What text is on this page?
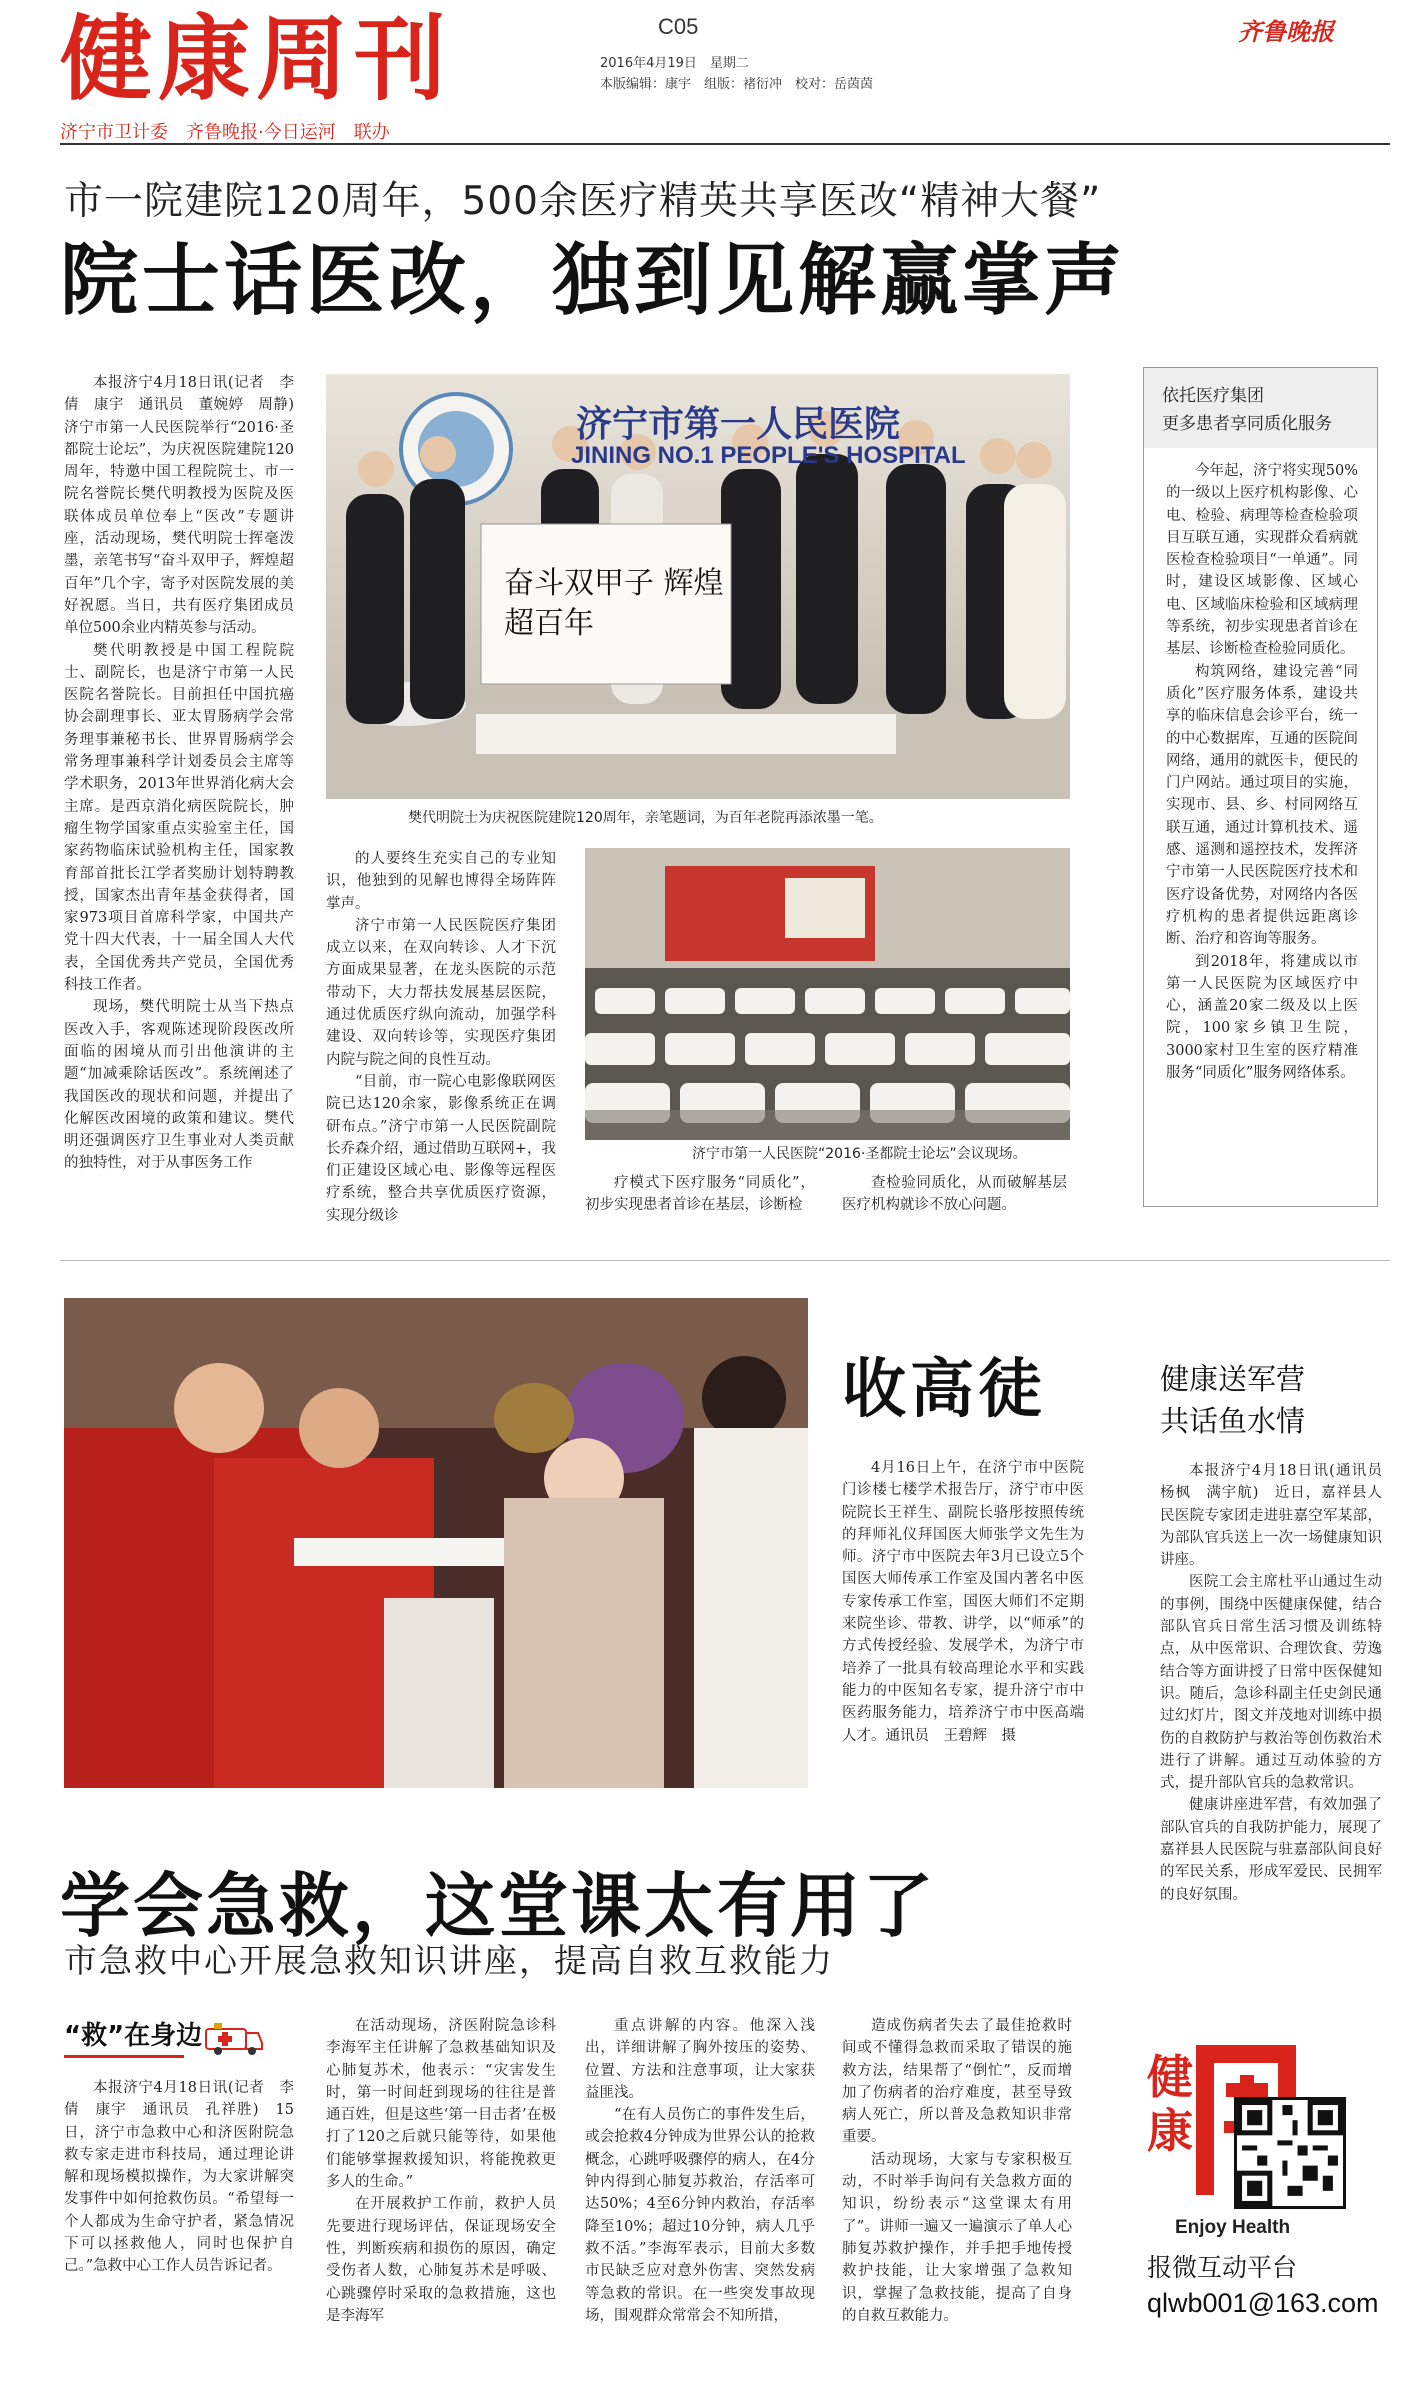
健康周刊	C05
2016年4月19日　星期二
本版编辑：康宇　组版：褚衍冲　校对：岳茵茵
齐鲁晚报
济宁市卫计委　齐鲁晚报·今日运河　联办
市一院建院120周年，500余医疗精英共享医改“精神大餐”
院士话医改，独到见解赢掌声

本报济宁4月18日讯(记者　李倩　康宇　通讯员　董婉婷　周静)　济宁市第一人民医院举行“2016·圣都院士论坛”，为庆祝医院建院120周年，特邀中国工程院院士、市一院名誉院长樊代明教授为医院及医联体成员单位奉上“医改”专题讲座，活动现场，樊代明院士挥毫泼墨，亲笔书写“奋斗双甲子，辉煌超百年”几个字，寄予对医院发展的美好祝愿。当日，共有医疗集团成员单位500余业内精英参与活动。

樊代明教授是中国工程院院士、副院长，也是济宁市第一人民医院名誉院长。目前担任中国抗癌协会副理事长、亚太胃肠病学会常务理事兼秘书长、世界胃肠病学会常务理事兼科学计划委员会主席等学术职务，2013年世界消化病大会主席。是西京消化病医院院长，肿瘤生物学国家重点实验室主任，国家药物临床试验机构主任，国家教育部首批长江学者奖励计划特聘教授，国家杰出青年基金获得者，国家973项目首席科学家，中国共产党十四大代表，十一届全国人大代表，全国优秀共产党员，全国优秀科技工作者。

现场，樊代明院士从当下热点医改入手，客观陈述现阶段医改所面临的困境从而引出他演讲的主题“加减乘除话医改”。系统阐述了我国医改的现状和问题，并提出了化解医改困境的政策和建议。樊代明还强调医疗卫生事业对人类贡献的独特性，对于从事医务工作

济宁市第一人民医院
JINING NO.1 PEOPLE'S HOSPITAL
奋斗双甲子 辉煌超百年
樊代明院士为庆祝医院建院120周年，亲笔题词，为百年老院再添浓墨一笔。

的人要终生充实自己的专业知识，他独到的见解也博得全场阵阵掌声。

济宁市第一人民医院医疗集团成立以来，在双向转诊、人才下沉方面成果显著，在龙头医院的示范带动下，大力帮扶发展基层医院，通过优质医疗纵向流动，加强学科建设、双向转诊等，实现医疗集团内院与院之间的良性互动。

“目前，市一院心电影像联网医院已达120余家，影像系统正在调研布点。”济宁市第一人民医院副院长乔森介绍，通过借助互联网+，我们正建设区域心电、影像等远程医疗系统，整合共享优质医疗资源，实现分级诊

济宁市第一人民医院“2016·圣都院士论坛”会议现场。

疗模式下医疗服务“同质化”，初步实现患者首诊在基层，诊断检

查检验同质化，从而破解基层医疗机构就诊不放心问题。

依托医疗集团
更多患者享同质化服务

今年起，济宁将实现50%的一级以上医疗机构影像、心电、检验、病理等检查检验项目互联互通，实现群众看病就医检查检验项目“一单通”。同时，建设区域影像、区域心电、区域临床检验和区域病理等系统，初步实现患者首诊在基层、诊断检查检验同质化。

构筑网络，建设完善“同质化”医疗服务体系，建设共享的临床信息会诊平台，统一的中心数据库，互通的医院间网络，通用的就医卡，便民的门户网站。通过项目的实施，实现市、县、乡、村同网络互联互通，通过计算机技术、遥感、遥测和遥控技术，发挥济宁市第一人民医院医疗技术和医疗设备优势，对网络内各医疗机构的患者提供远距离诊断、治疗和咨询等服务。

到2018年，将建成以市第一人民医院为区域医疗中心，涵盖20家二级及以上医院，100家乡镇卫生院，3000家村卫生室的医疗精准服务“同质化”服务网络体系。

收高徒

4月16日上午，在济宁市中医院门诊楼七楼学术报告厅，济宁市中医院院长王祥生、副院长骆彤按照传统的拜师礼仪拜国医大师张学文先生为师。济宁市中医院去年3月已设立5个国医大师传承工作室及国内著名中医专家传承工作室，国医大师们不定期来院坐诊、带教、讲学，以“师承”的方式传授经验、发展学术，为济宁市培养了一批具有较高理论水平和实践能力的中医知名专家，提升济宁市中医药服务能力，培养济宁市中医高端人才。通讯员　王碧辉　摄

健康送军营
共话鱼水情

本报济宁4月18日讯(通讯员　杨枫　满宇航)　近日，嘉祥县人民医院专家团走进驻嘉空军某部，为部队官兵送上一次一场健康知识讲座。

医院工会主席杜平山通过生动的事例，围绕中医健康保健，结合部队官兵日常生活习惯及训练特点，从中医常识、合理饮食、劳逸结合等方面讲授了日常中医保健知识。随后，急诊科副主任史剑民通过幻灯片，图文并茂地对训练中损伤的自救防护与救治等创伤救治术进行了讲解。通过互动体验的方式，提升部队官兵的急救常识。

健康讲座进军营，有效加强了部队官兵的自我防护能力，展现了嘉祥县人民医院与驻嘉部队间良好的军民关系，形成军爱民、民拥军的良好氛围。

学会急救，这堂课太有用了
市急救中心开展急救知识讲座，提高自救互救能力
“救”在身边

本报济宁4月18日讯(记者　李倩　康宇　通讯员　孔祥胜)　15日，济宁市急救中心和济医附院急救专家走进市科技局，通过理论讲解和现场模拟操作，为大家讲解突发事件中如何抢救伤员。“希望每一个人都成为生命守护者，紧急情况下可以拯救他人，同时也保护自己。”急救中心工作人员告诉记者。

在活动现场，济医附院急诊科李海军主任讲解了急救基础知识及心肺复苏术，他表示：“灾害发生时，第一时间赶到现场的往往是普通百姓，但是这些‘第一目击者’在极打了120之后就只能等待，如果他们能够掌握救援知识，将能挽救更多人的生命。”

在开展救护工作前，救护人员先要进行现场评估，保证现场安全性，判断疾病和损伤的原因，确定受伤者人数，心肺复苏术是呼吸、心跳骤停时采取的急救措施，这也是李海军

重点讲解的内容。他深入浅出，详细讲解了胸外按压的姿势、位置、方法和注意事项，让大家获益匪浅。

“在有人员伤亡的事件发生后，或会抢救4分钟成为世界公认的抢救概念，心跳呼吸骤停的病人，在4分钟内得到心肺复苏救治，存活率可达50%；4至6分钟内救治，存活率降至10%；超过10分钟，病人几乎救不活。”李海军表示，目前大多数市民缺乏应对意外伤害、突然发病等急救的常识。在一些突发事故现场，围观群众常常会不知所措，

造成伤病者失去了最佳抢救时间或不懂得急救而采取了错误的施救方法，结果帮了“倒忙”，反而增加了伤病者的治疗难度，甚至导致病人死亡，所以普及急救知识非常重要。

活动现场，大家与专家积极互动，不时举手询问有关急救方面的知识，纷纷表示“这堂课太有用了”。讲师一遍又一遍演示了单人心肺复苏救护操作，并手把手地传授救护技能，让大家增强了急救知识，掌握了急救技能，提高了自身的自救互救能力。

健康
Enjoy Health
报微互动平台
qlwb001@163.com
